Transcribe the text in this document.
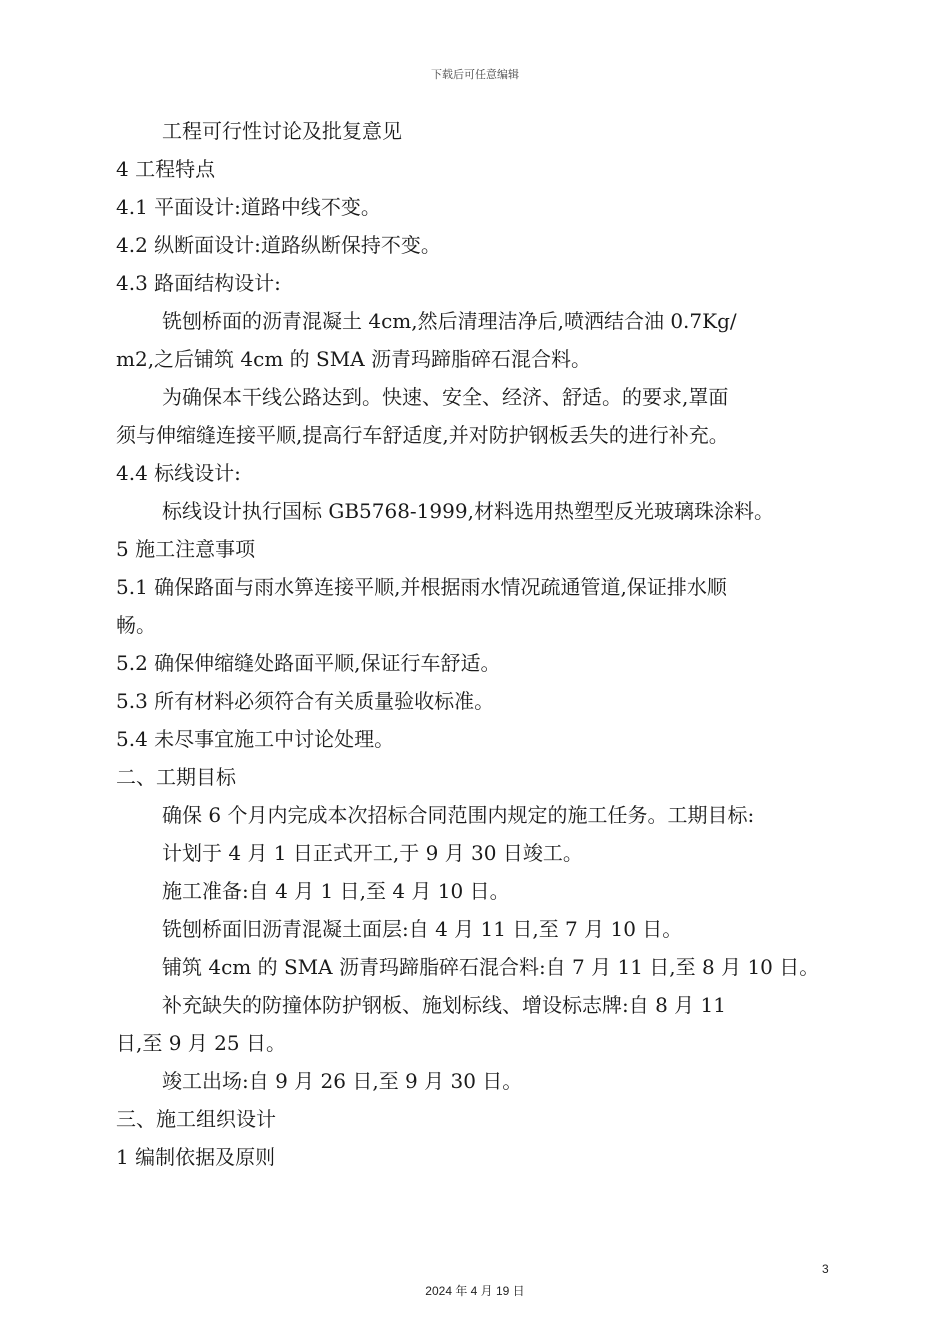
下载后可任意编辑
工程可行性讨论及批复意见
4 工程特点
4.1 平面设计:道路中线不变。
4.2 纵断面设计:道路纵断保持不变。
4.3 路面结构设计:
铣刨桥面的沥青混凝土 4cm,然后清理洁净后,喷洒结合油 0.7Kg/
m2,之后铺筑 4cm 的 SMA 沥青玛蹄脂碎石混合料。
为确保本干线公路达到。快速、安全、经济、舒适。的要求,罩面
须与伸缩缝连接平顺,提高行车舒适度,并对防护钢板丢失的进行补充。
4.4 标线设计:
标线设计执行国标 GB5768-1999,材料选用热塑型反光玻璃珠涂料。
5 施工注意事项
5.1 确保路面与雨水箅连接平顺,并根据雨水情况疏通管道,保证排水顺
畅。
5.2 确保伸缩缝处路面平顺,保证行车舒适。
5.3 所有材料必须符合有关质量验收标准。
5.4 未尽事宜施工中讨论处理。
二、工期目标
确保 6 个月内完成本次招标合同范围内规定的施工任务。工期目标:
计划于 4 月 1 日正式开工,于 9 月 30 日竣工。
施工准备:自 4 月 1 日,至 4 月 10 日。
铣刨桥面旧沥青混凝土面层:自 4 月 11 日,至 7 月 10 日。
铺筑 4cm 的 SMA 沥青玛蹄脂碎石混合料:自 7 月 11 日,至 8 月 10 日。
补充缺失的防撞体防护钢板、施划标线、增设标志牌:自 8 月 11
日,至 9 月 25 日。
竣工出场:自 9 月 26 日,至 9 月 30 日。
三、施工组织设计
1 编制依据及原则
3
2024 年 4 月 19 日
